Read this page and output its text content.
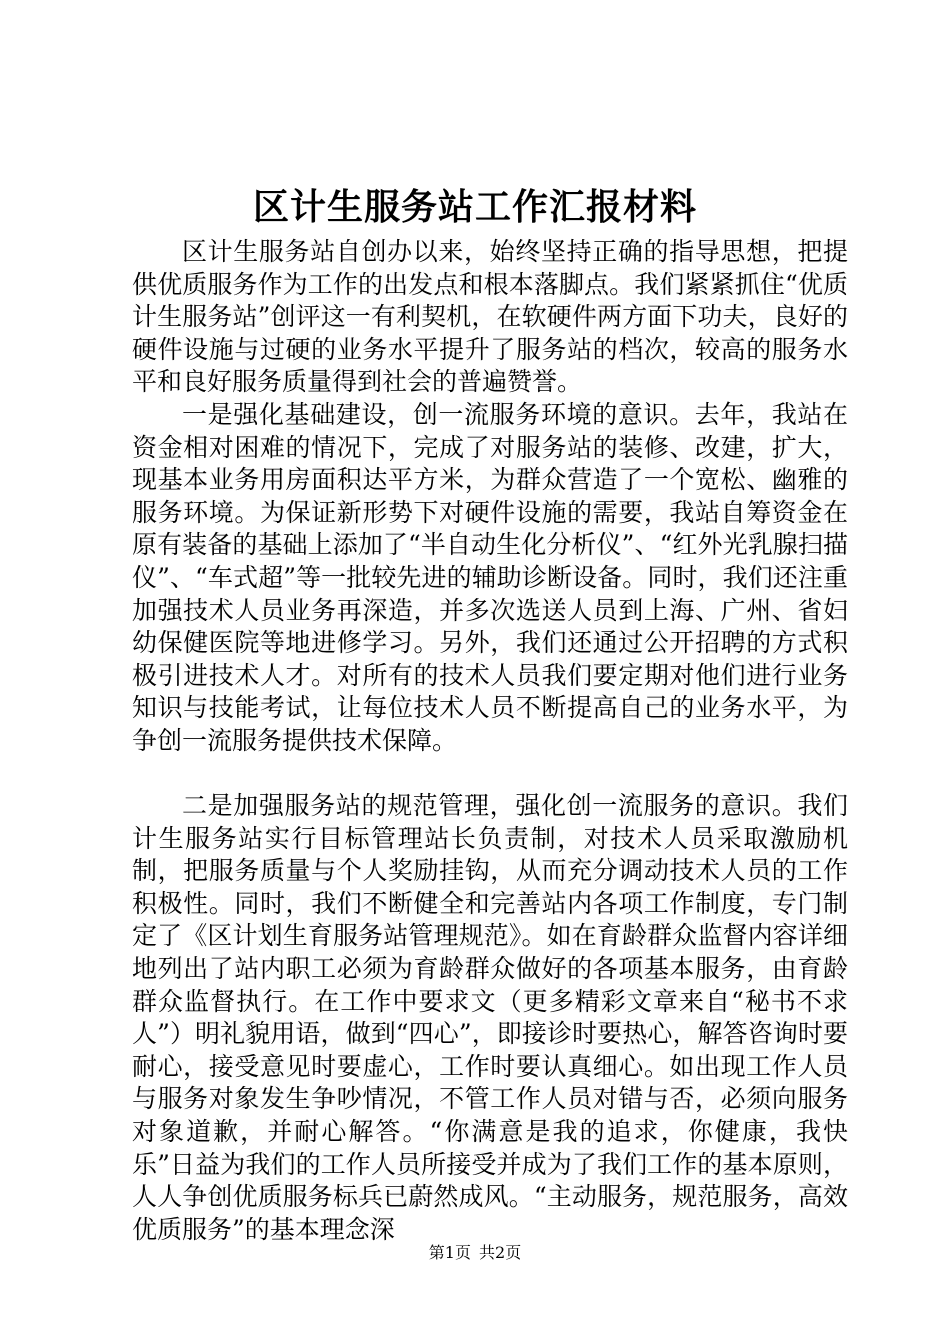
区计生服务站工作汇报材料

区计生服务站自创办以来，始终坚持正确的指导思想，把提供优质服务作为工作的出发点和根本落脚点。我们紧紧抓住“优质计生服务站”创评这一有利契机，在软硬件两方面下功夫，良好的硬件设施与过硬的业务水平提升了服务站的档次，较高的服务水平和良好服务质量得到社会的普遍赞誉。

一是强化基础建设，创一流服务环境的意识。去年，我站在资金相对困难的情况下，完成了对服务站的装修、改建，扩大，现基本业务用房面积达平方米，为群众营造了一个宽松、幽雅的服务环境。为保证新形势下对硬件设施的需要，我站自筹资金在原有装备的基础上添加了“半自动生化分析仪”、“红外光乳腺扫描仪”、“车式超”等一批较先进的辅助诊断设备。同时，我们还注重加强技术人员业务再深造，并多次选送人员到上海、广州、省妇幼保健医院等地进修学习。另外，我们还通过公开招聘的方式积极引进技术人才。对所有的技术人员我们要定期对他们进行业务知识与技能考试，让每位技术人员不断提高自己的业务水平，为争创一流服务提供技术保障。

二是加强服务站的规范管理，强化创一流服务的意识。我们计生服务站实行目标管理站长负责制，对技术人员采取激励机制，把服务质量与个人奖励挂钩，从而充分调动技术人员的工作积极性。同时，我们不断健全和完善站内各项工作制度，专门制定了《区计划生育服务站管理规范》。如在育龄群众监督内容详细地列出了站内职工必须为育龄群众做好的各项基本服务，由育龄群众监督执行。在工作中要求文（更多精彩文章来自“秘书不求人”）明礼貌用语，做到“四心”，即接诊时要热心，解答咨询时要耐心，接受意见时要虚心，工作时要认真细心。如出现工作人员与服务对象发生争吵情况，不管工作人员对错与否，必须向服务对象道歉，并耐心解答。“你满意是我的追求，你健康，我快乐”日益为我们的工作人员所接受并成为了我们工作的基本原则，人人争创优质服务标兵已蔚然成风。“主动服务，规范服务，高效优质服务”的基本理念深

第1页 共2页
